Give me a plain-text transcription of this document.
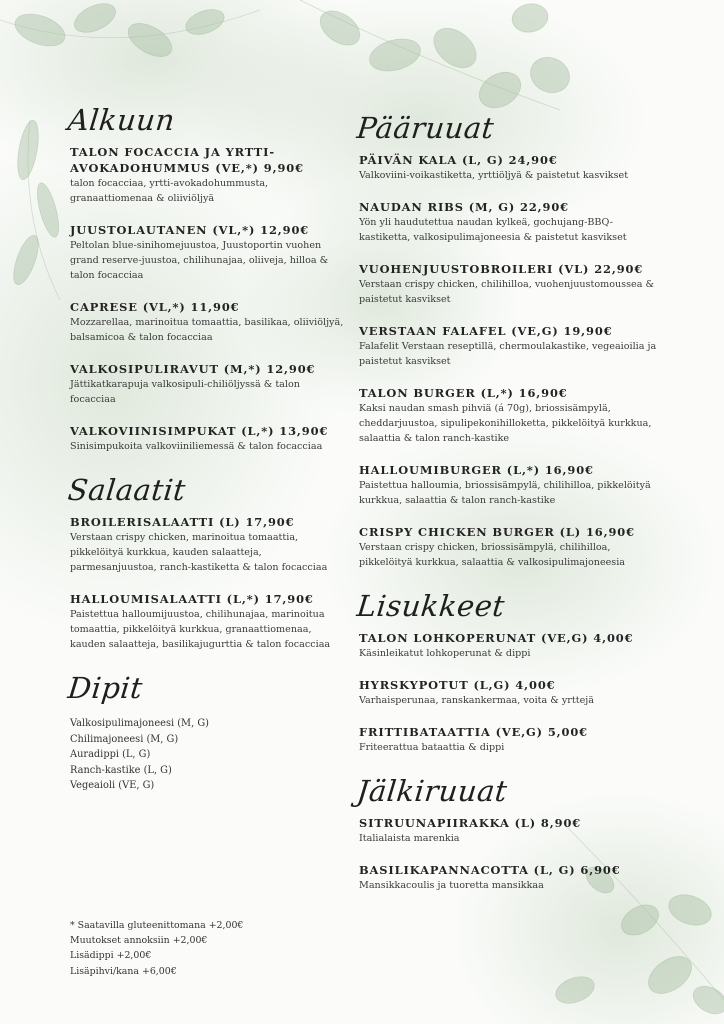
Alkuun
TALON FOCACCIA JA YRTTI-AVOKADOHUMMUS (VE,*) 9,90€
talon focacciaa, yrtti-avokadohummusta, granaattiomenaa & oliiviöljyä
JUUSTOLAUTANEN (VL,*) 12,90€
Peltolan blue-sinihomejuustoa, Juustoportin vuohen grand reserve-juustoa, chilihunajaa, oliiveja, hilloa & talon focacciaa
CAPRESE (VL,*) 11,90€
Mozzarellaa, marinoitua tomaattia, basilikaa, oliiviöljyä, balsamicoa & talon focacciaa
VALKOSIPULIRAVUT (M,*) 12,90€
Jättikatkarapuja valkosipuli-chiliöljyssä & talon focacciaa
VALKOVIINISIMPUKAT (L,*) 13,90€
Sinisimpukoita valkoviiniliemessä & talon focacciaa
Salaatit
BROILERISALAATTI (L) 17,90€
Verstaan crispy chicken, marinoitua tomaattia, pikkelöityä kurkkua, kauden salaatteja, parmesanjuustoa, ranch-kastiketta & talon focacciaa
HALLOUMISALAATTI (L,*) 17,90€
Paistettua halloumijuustoa, chilihunajaa, marinoitua tomaattia, pikkelöityä kurkkua, granaattiomenaa, kauden salaatteja, basilikajugurttia & talon focacciaa
Dipit
Valkosipulimajoneesi (M, G)
Chilimajoneesi (M, G)
Auradippi (L, G)
Ranch-kastike (L, G)
Vegeaioli (VE, G)
* Saatavilla gluteenittomana +2,00€
Muutokset annoksiin +2,00€
Lisädippi +2,00€
Lisäpihvi/kana +6,00€
Pääruuat
PÄIVÄN KALA (L, G) 24,90€
Valkoviini-voikastiketta, yrttiöljyä & paistetut kasvikset
NAUDAN RIBS (M, G) 22,90€
Yön yli haudutettua naudan kylkeä, gochujang-BBQ-kastiketta, valkosipulimajoneesia & paistetut kasvikset
VUOHENJUUSTOBROILERI (VL) 22,90€
Verstaan crispy chicken, chilihilloa, vuohenjuustomoussea & paistetut kasvikset
VERSTAAN FALAFEL (VE,G) 19,90€
Falafelit Verstaan reseptillä, chermoulakastike, vegeaioilia ja paistetut kasvikset
TALON BURGER (L,*) 16,90€
Kaksi naudan smash pihviä (á 70g), briossisämpylä, cheddarjuustoa, sipulipekonihilloketta, pikkelöityä kurkkua, salaattia & talon ranch-kastike
HALLOUMIBURGER (L,*) 16,90€
Paistettua halloumia, briossisämpylä, chilihilloa, pikkelöityä kurkkua, salaattia & talon ranch-kastike
CRISPY CHICKEN BURGER (L) 16,90€
Verstaan crispy chicken, briossisämpylä, chilihilloa, pikkelöityä kurkkua, salaattia & valkosipulimajoneesia
Lisukkeet
TALON LOHKOPERUNAT (VE,G) 4,00€
Käsinleikatut lohkoperunat & dippi
HYRSKYPOTUT (L,G) 4,00€
Varhaisperunaa, ranskankermaa, voita & yrttejä
FRITTIBATAATTIA (VE,G) 5,00€
Friteerattua bataattia & dippi
Jälkiruuat
SITRUUNAPIIRAKKA (L) 8,90€
Italialaista marenkia
BASILIKAPANNACOTTA (L, G) 6,90€
Mansikkacoulis ja tuoretta mansikkaa
